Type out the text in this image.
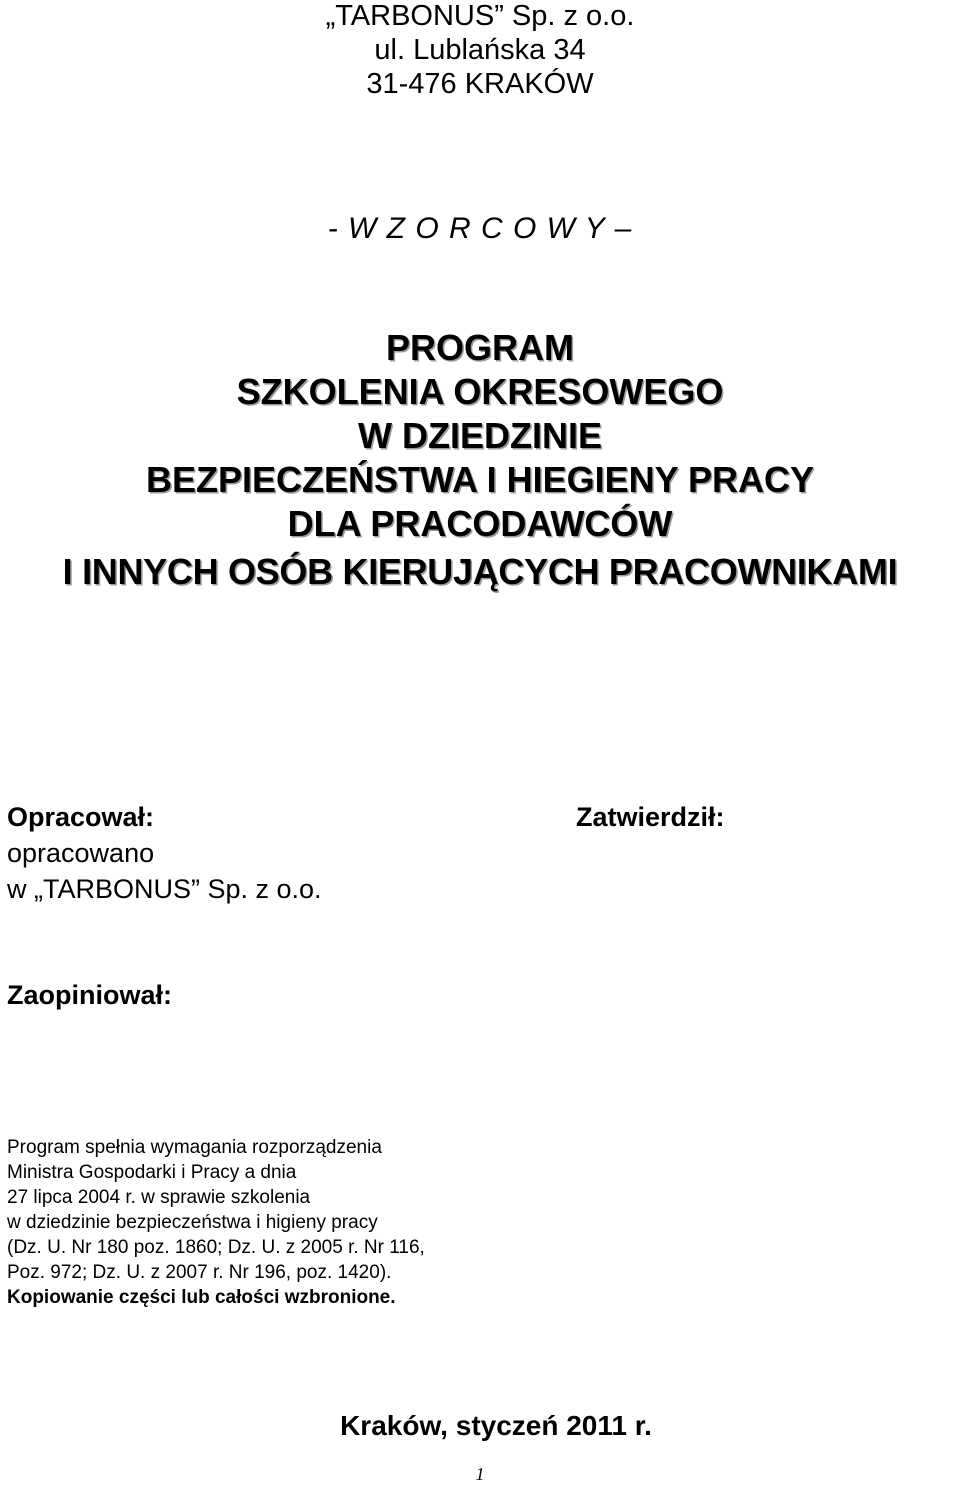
„TARBONUS” Sp. z o.o.
ul. Lublańska 34
31-476 KRAKÓW
- W Z O R C O W Y –
PROGRAM
SZKOLENIA OKRESOWEGO
W DZIEDZINIE
BEZPIECZEŃSTWA I HIEGIENY PRACY
DLA PRACODAWCÓW
I INNYCH OSÓB KIERUJĄCYCH PRACOWNIKAMI
Opracował:
opracowano
w „TARBONUS” Sp. z o.o.
Zatwierdził:
Zaopiniował:
Program spełnia wymagania rozporządzenia
Ministra Gospodarki i Pracy a dnia
27 lipca 2004 r. w sprawie szkolenia
w dziedzinie bezpieczeństwa i higieny pracy
(Dz. U. Nr 180 poz. 1860; Dz. U. z 2005 r. Nr 116,
Poz. 972; Dz. U. z 2007 r. Nr 196, poz. 1420).
Kopiowanie części lub całości wzbronione.
Kraków, styczeń 2011 r.
1
